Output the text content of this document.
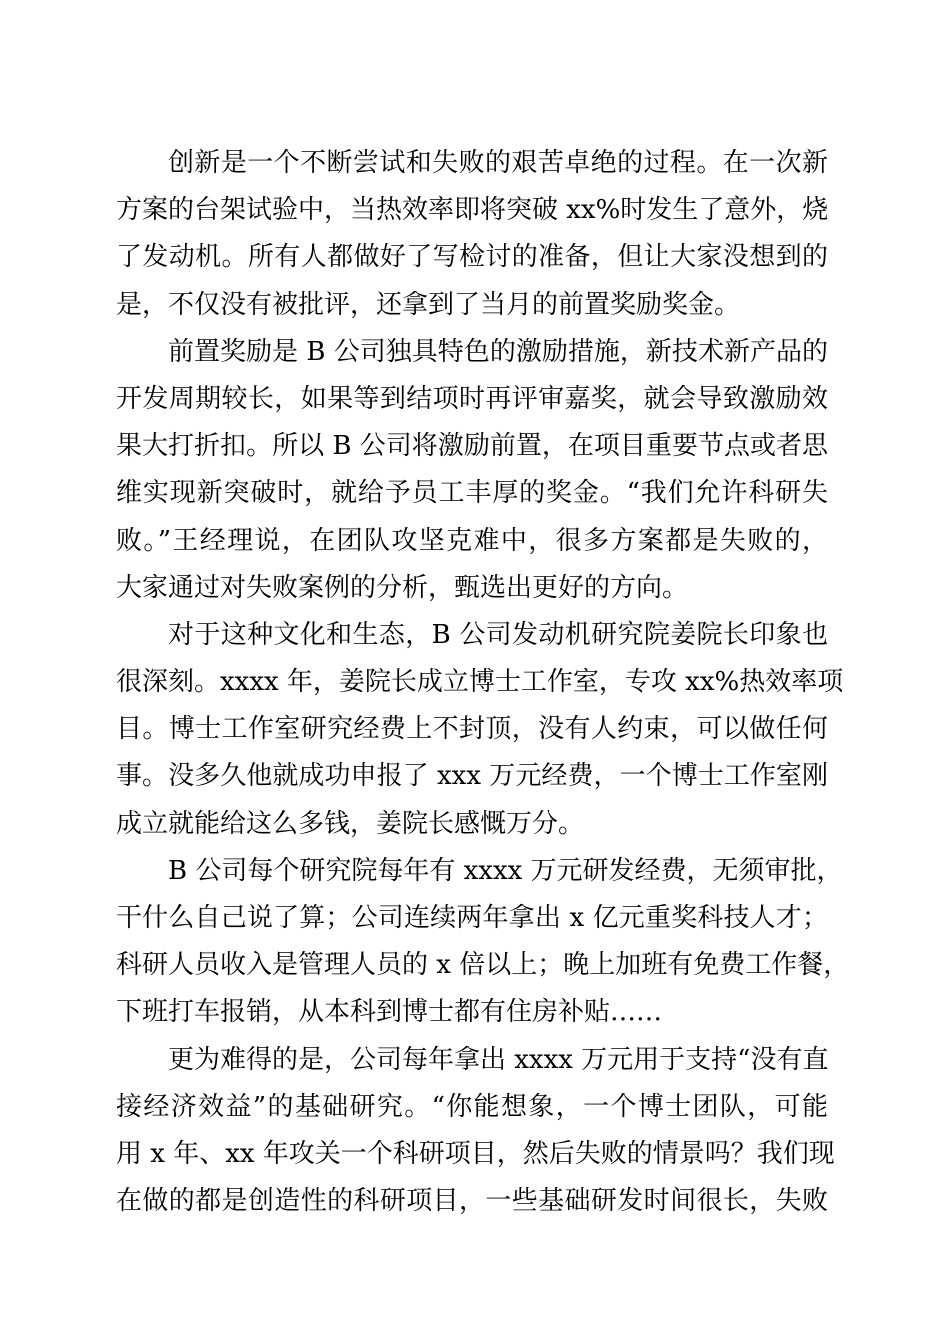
创新是一个不断尝试和失败的艰苦卓绝的过程。在一次新
方案的台架试验中，当热效率即将突破 xx%时发生了意外，烧
了发动机。所有人都做好了写检讨的准备，但让大家没想到的
是，不仅没有被批评，还拿到了当月的前置奖励奖金。
前置奖励是 B 公司独具特色的激励措施，新技术新产品的
开发周期较长，如果等到结项时再评审嘉奖，就会导致激励效
果大打折扣。所以 B 公司将激励前置，在项目重要节点或者思
维实现新突破时，就给予员工丰厚的奖金。“我们允许科研失
败。”王经理说，在团队攻坚克难中，很多方案都是失败的，
大家通过对失败案例的分析，甄选出更好的方向。
对于这种文化和生态，B 公司发动机研究院姜院长印象也
很深刻。xxxx 年，姜院长成立博士工作室，专攻 xx%热效率项
目。博士工作室研究经费上不封顶，没有人约束，可以做任何
事。没多久他就成功申报了 xxx 万元经费，一个博士工作室刚
成立就能给这么多钱，姜院长感慨万分。
B 公司每个研究院每年有 xxxx 万元研发经费，无须审批，
干什么自己说了算；公司连续两年拿出 x 亿元重奖科技人才；
科研人员收入是管理人员的 x 倍以上；晚上加班有免费工作餐，
下班打车报销，从本科到博士都有住房补贴……
更为难得的是，公司每年拿出 xxxx 万元用于支持“没有直
接经济效益”的基础研究。“你能想象，一个博士团队，可能
用 x 年、xx 年攻关一个科研项目，然后失败的情景吗？我们现
在做的都是创造性的科研项目，一些基础研发时间很长，失败
